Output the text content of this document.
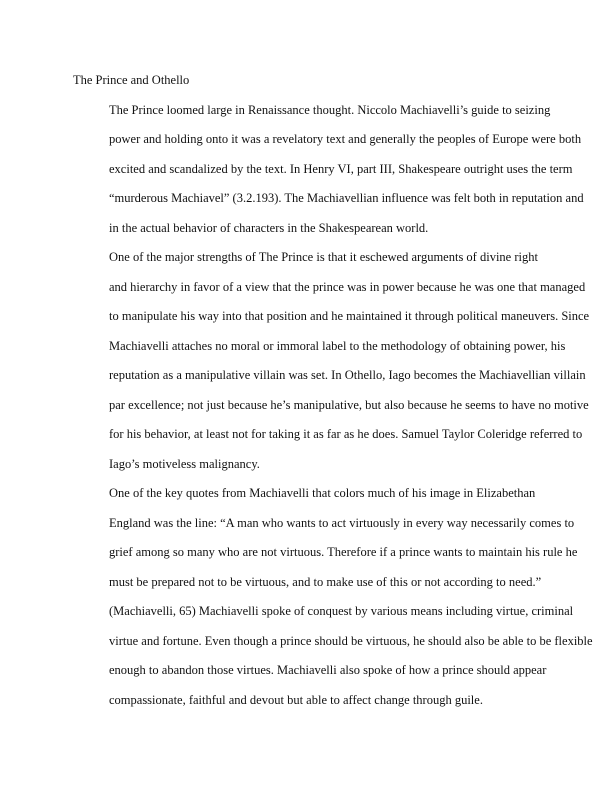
The Prince and Othello

The Prince loomed large in Renaissance thought. Niccolo Machiavelli’s guide to seizing
power and holding onto it was a revelatory text and generally the peoples of Europe were both
excited and scandalized by the text. In Henry VI, part III, Shakespeare outright uses the term
“murderous Machiavel” (3.2.193). The Machiavellian influence was felt both in reputation and
in the actual behavior of characters in the Shakespearean world.

One of the major strengths of The Prince is that it eschewed arguments of divine right
and hierarchy in favor of a view that the prince was in power because he was one that managed
to manipulate his way into that position and he maintained it through political maneuvers. Since
Machiavelli attaches no moral or immoral label to the methodology of obtaining power, his
reputation as a manipulative villain was set. In Othello, Iago becomes the Machiavellian villain
par excellence; not just because he’s manipulative, but also because he seems to have no motive
for his behavior, at least not for taking it as far as he does. Samuel Taylor Coleridge referred to
Iago’s motiveless malignancy.

One of the key quotes from Machiavelli that colors much of his image in Elizabethan
England was the line: “A man who wants to act virtuously in every way necessarily comes to
grief among so many who are not virtuous. Therefore if a prince wants to maintain his rule he
must be prepared not to be virtuous, and to make use of this or not according to need.”
(Machiavelli, 65) Machiavelli spoke of conquest by various means including virtue, criminal
virtue and fortune. Even though a prince should be virtuous, he should also be able to be flexible
enough to abandon those virtues. Machiavelli also spoke of how a prince should appear
compassionate, faithful and devout but able to affect change through guile.
